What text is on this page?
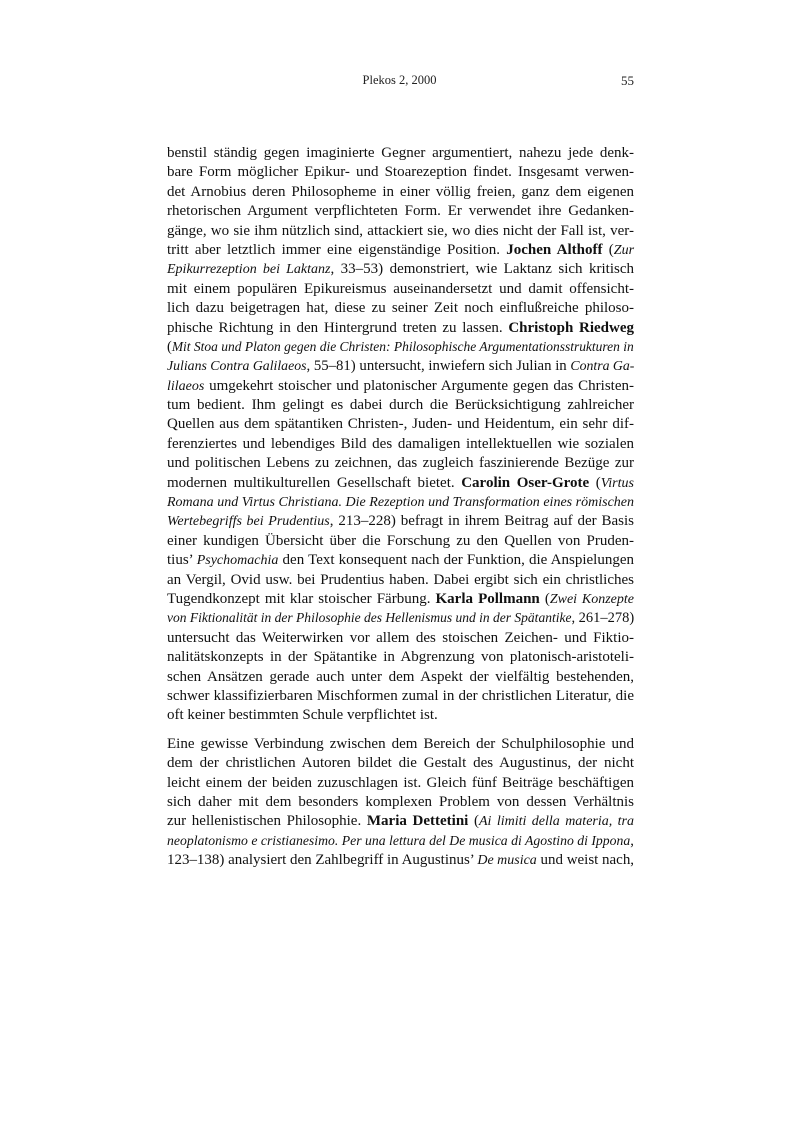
Plekos 2, 2000	55
benstil ständig gegen imaginierte Gegner argumentiert, nahezu jede denk-
bare Form möglicher Epikur- und Stoarezeption findet. Insgesamt verwen-
det Arnobius deren Philosopheme in einer völlig freien, ganz dem eigenen
rhetorischen Argument verpflichteten Form. Er verwendet ihre Gedanken-
gänge, wo sie ihm nützlich sind, attackiert sie, wo dies nicht der Fall ist, ver-
tritt aber letztlich immer eine eigenständige Position. Jochen Althoff (Zur
Epikurrezeption bei Laktanz, 33–53) demonstriert, wie Laktanz sich kritisch
mit einem populären Epikureismus auseinandersetzt und damit offensicht-
lich dazu beigetragen hat, diese zu seiner Zeit noch einflußreiche philoso-
phische Richtung in den Hintergrund treten zu lassen. Christoph Riedweg
(Mit Stoa und Platon gegen die Christen: Philosophische Argumentationsstrukturen in
Julians Contra Galilaeos, 55–81) untersucht, inwiefern sich Julian in Contra Ga-
lilaeos umgekehrt stoischer und platonischer Argumente gegen das Christen-
tum bedient. Ihm gelingt es dabei durch die Berücksichtigung zahlreicher
Quellen aus dem spätantiken Christen-, Juden- und Heidentum, ein sehr dif-
ferenziertes und lebendiges Bild des damaligen intellektuellen wie sozialen
und politischen Lebens zu zeichnen, das zugleich faszinierende Bezüge zur
modernen multikulturellen Gesellschaft bietet. Carolin Oser-Grote (Virtus
Romana und Virtus Christiana. Die Rezeption und Transformation eines römischen
Wertebegriffs bei Prudentius, 213–228) befragt in ihrem Beitrag auf der Basis
einer kundigen Übersicht über die Forschung zu den Quellen von Pruden-
tius’ Psychomachia den Text konsequent nach der Funktion, die Anspielungen
an Vergil, Ovid usw. bei Prudentius haben. Dabei ergibt sich ein christliches
Tugendkonzept mit klar stoischer Färbung. Karla Pollmann (Zwei Konzepte
von Fiktionalität in der Philosophie des Hellenismus und in der Spätantike, 261–278)
untersucht das Weiterwirken vor allem des stoischen Zeichen- und Fiktio-
nalitätskonzepts in der Spätantike in Abgrenzung von platonisch-aristoteli-
schen Ansätzen gerade auch unter dem Aspekt der vielfältig bestehenden,
schwer klassifizierbaren Mischformen zumal in der christlichen Literatur, die
oft keiner bestimmten Schule verpflichtet ist.
Eine gewisse Verbindung zwischen dem Bereich der Schulphilosophie und
dem der christlichen Autoren bildet die Gestalt des Augustinus, der nicht
leicht einem der beiden zuzuschlagen ist. Gleich fünf Beiträge beschäftigen
sich daher mit dem besonders komplexen Problem von dessen Verhältnis
zur hellenistischen Philosophie. Maria Dettetini (Ai limiti della materia, tra
neoplatonismo e cristianesimo. Per una lettura del De musica di Agostino di Ippona,
123–138) analysiert den Zahlbegriff in Augustinus’ De musica und weist nach,
